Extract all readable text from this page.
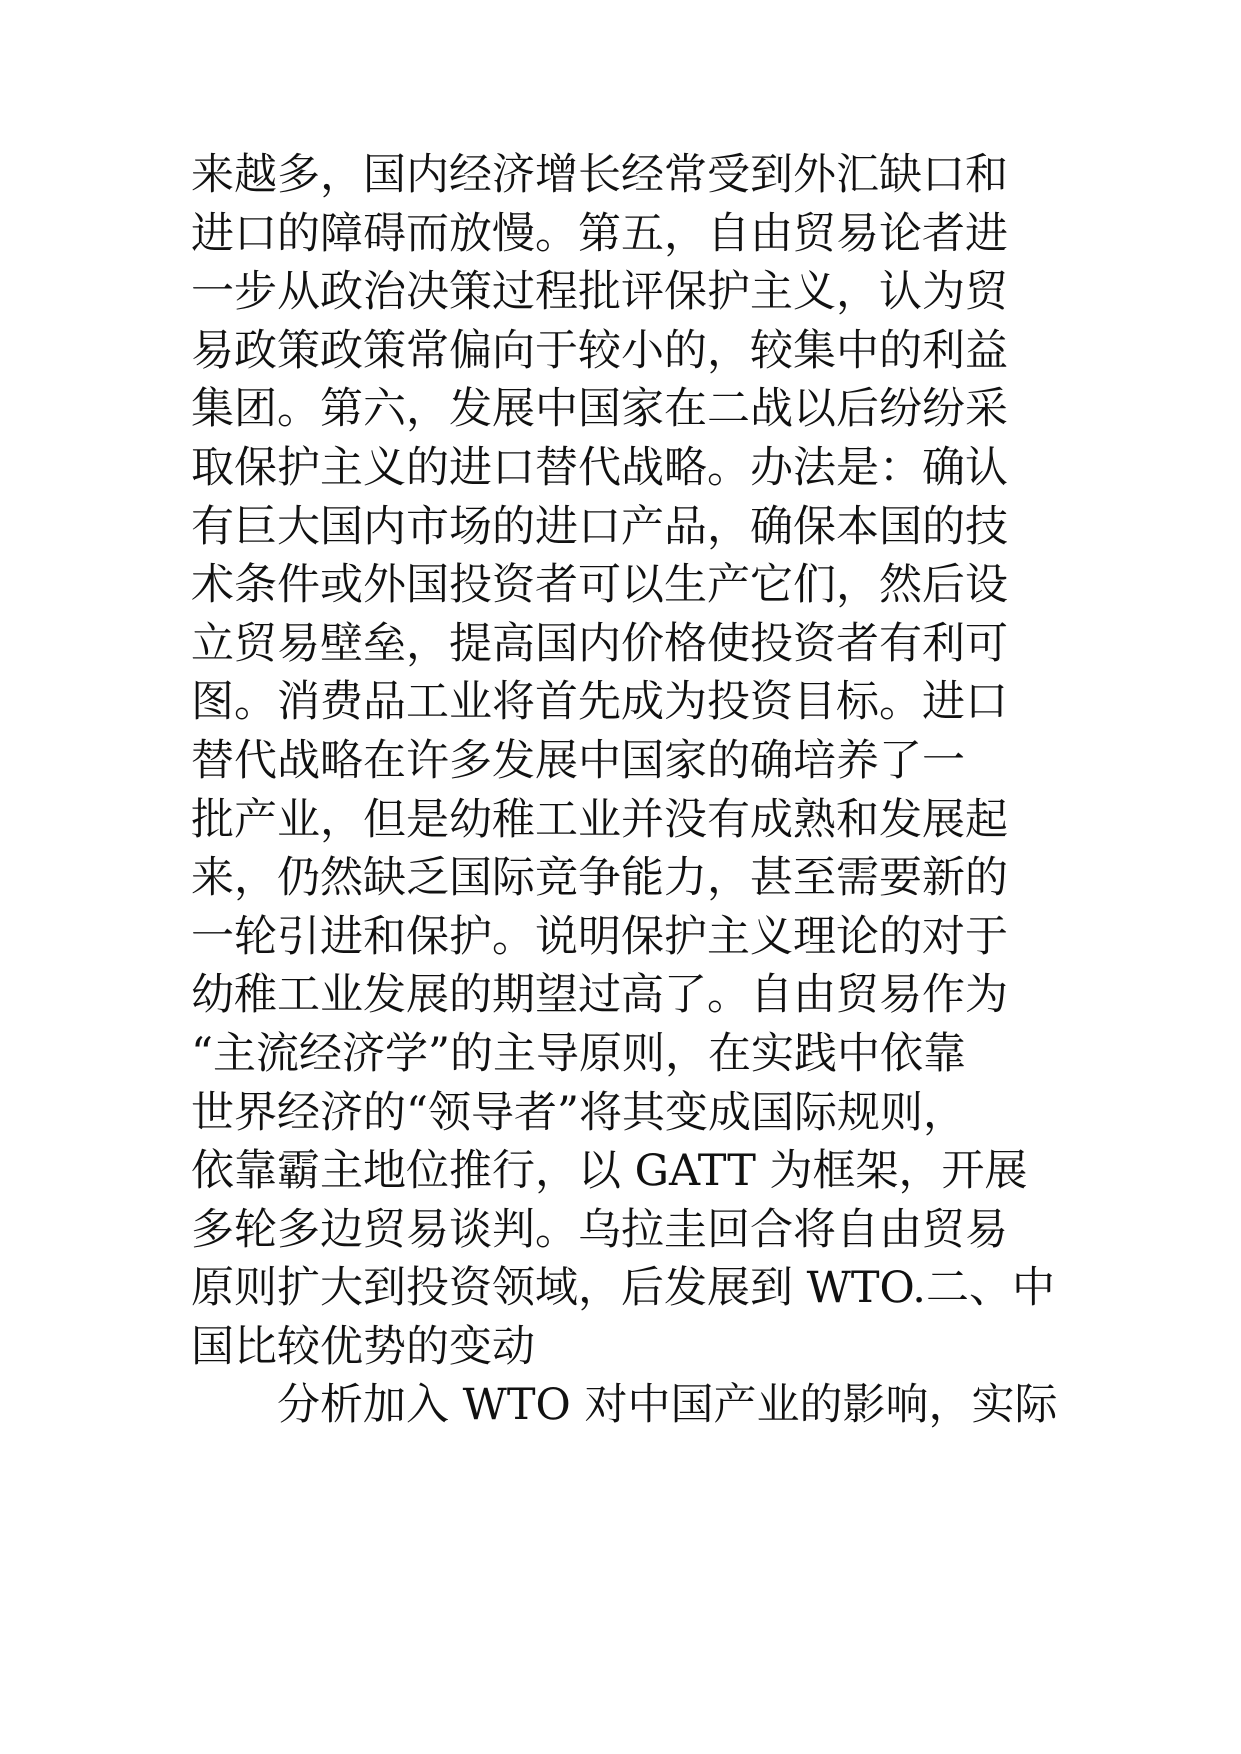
来越多，国内经济增长经常受到外汇缺口和
进口的障碍而放慢。第五，自由贸易论者进
一步从政治决策过程批评保护主义，认为贸
易政策政策常偏向于较小的，较集中的利益
集团。第六，发展中国家在二战以后纷纷采
取保护主义的进口替代战略。办法是：确认
有巨大国内市场的进口产品，确保本国的技
术条件或外国投资者可以生产它们，然后设
立贸易壁垒，提高国内价格使投资者有利可
图。消费品工业将首先成为投资目标。进口
替代战略在许多发展中国家的确培养了一
批产业，但是幼稚工业并没有成熟和发展起
来，仍然缺乏国际竞争能力，甚至需要新的
一轮引进和保护。说明保护主义理论的对于
幼稚工业发展的期望过高了。自由贸易作为
“主流经济学”的主导原则，在实践中依靠
世界经济的“领导者”将其变成国际规则，
依靠霸主地位推行，以 GATT 为框架，开展
多轮多边贸易谈判。乌拉圭回合将自由贸易
原则扩大到投资领域，后发展到 WTO.二、中
国比较优势的变动
分析加入 WTO 对中国产业的影响，实际
